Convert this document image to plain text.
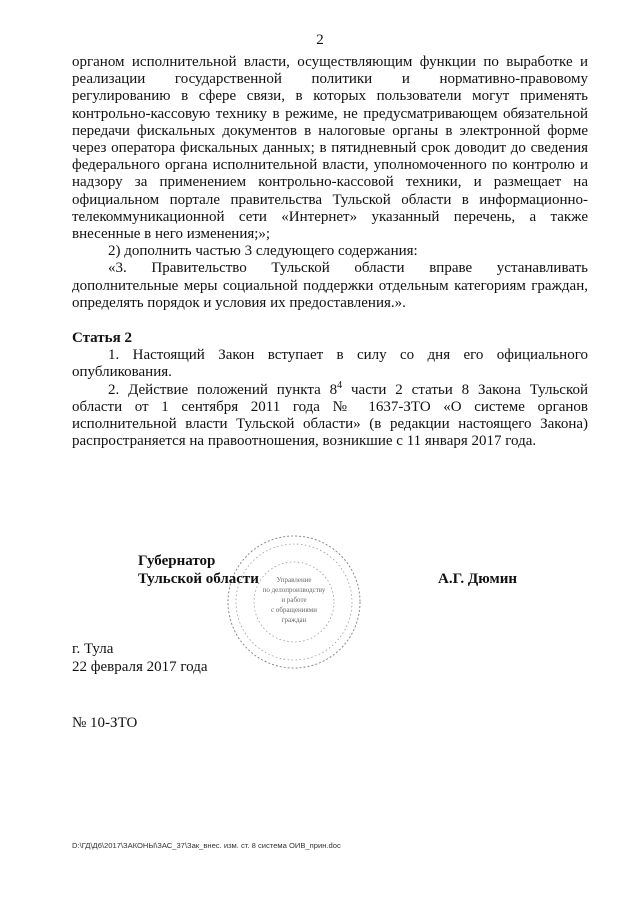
2
органом исполнительной власти, осуществляющим функции по выработке и
реализации государственной политики и нормативно-правовому
регулированию в сфере связи, в которых пользователи могут применять
контрольно-кассовую технику в режиме, не предусматривающем обязательной
передачи фискальных документов в налоговые органы в электронной форме
через оператора фискальных данных; в пятидневный срок доводит до сведения
федерального органа исполнительной власти, уполномоченного по контролю и
надзору за применением контрольно-кассовой техники, и размещает на
официальном портале правительства Тульской области в информационно-
телекоммуникационной сети «Интернет» указанный перечень, а также
внесенные в него изменения;»;
2) дополнить частью 3 следующего содержания:
«3. Правительство Тульской области вправе устанавливать
дополнительные меры социальной поддержки отдельным категориям граждан,
определять порядок и условия их предоставления.».
Статья 2
1. Настоящий Закон вступает в силу со дня его официального
опубликования.
2. Действие положений пункта $8^4$ части 2 статьи 8 Закона Тульской
области от 1 сентября 2011 года № 1637-ЗТО «О системе органов
исполнительной власти Тульской области» (в редакции настоящего Закона)
распространяется на правоотношения, возникшие с 11 января 2017 года.
Управление
по делопроизводству
и работе
с обращениями
граждан
Губернатор
Тульской области	А.Г. Дюмин
г. Тула
22 февраля 2017 года
№ 10-ЗТО
D:\ГД\Д6\2017\ЗАКОНЫ\ЗАС_37\Зак_внес. изм. ст. 8 система ОИВ_прин.doc
